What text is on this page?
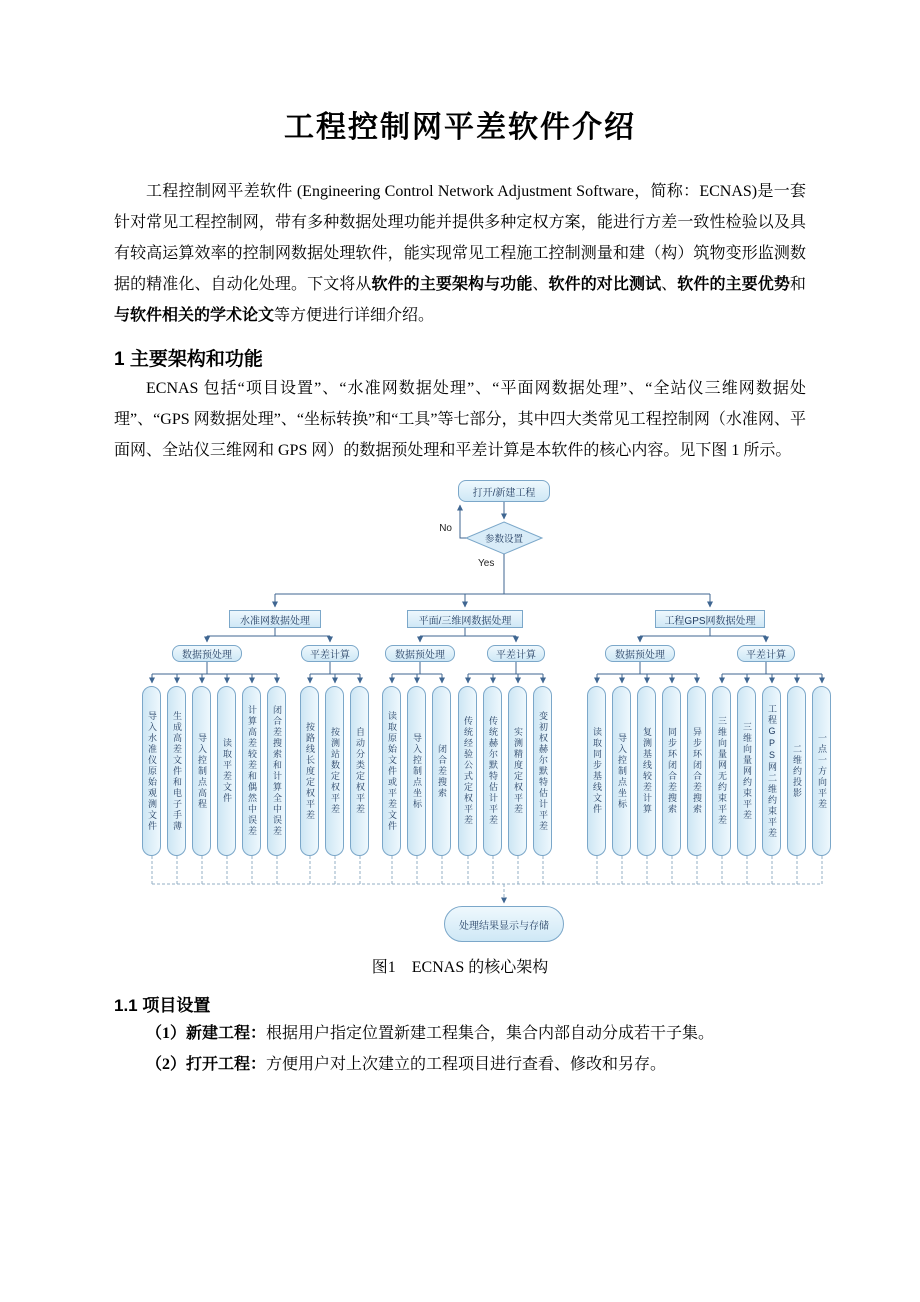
工程控制网平差软件介绍

工程控制网平差软件 (Engineering Control Network Adjustment Software，简称：ECNAS)是一套针对常见工程控制网，带有多种数据处理功能并提供多种定权方案，能进行方差一致性检验以及具有较高运算效率的控制网数据处理软件，能实现常见工程施工控制测量和建（构）筑物变形监测数据的精准化、自动化处理。下文将从软件的主要架构与功能、软件的对比测试、软件的主要优势和与软件相关的学术论文等方便进行详细介绍。

1 主要架构和功能

ECNAS 包括“项目设置”、“水准网数据处理”、“平面网数据处理”、“全站仪三维网数据处理”、“GPS 网数据处理”、“坐标转换”和“工具”等七部分，其中四大类常见工程控制网（水准网、平面网、全站仪三维网和 GPS 网）的数据预处理和平差计算是本软件的核心内容。见下图 1 所示。

打开/新建工程
参数设置
No
Yes
水准网数据处理	平面/三维网数据处理	工程GPS网数据处理
数据预处理	平差计算	数据预处理	平差计算	数据预处理	平差计算
导入水准仪原始观测文件	生成高差文件和电子手薄	导入控制点高程	读取平差文件	计算高差较差和偶然中误差	闭合差搜索和计算全中误差	按路线长度定权平差	按测站数定权平差	自动分类定权平差	读取原始文件或平差文件	导入控制点坐标	闭合差搜索	传统经验公式定权平差	传统赫尔默特估计平差	实测精度定权平差	变初权赫尔默特估计平差	读取同步基线文件	导入控制点坐标	复测基线较差计算	同步环闭合差搜索	异步环闭合差搜索	三维向量网无约束平差	三维向量网约束平差	工程GPS网二维约束平差	二维约投影	一点一方向平差
处理结果显示与存储

图1　ECNAS 的核心架构

1.1 项目设置

（1）新建工程：根据用户指定位置新建工程集合，集合内部自动分成若干子集。

（2）打开工程：方便用户对上次建立的工程项目进行查看、修改和另存。
